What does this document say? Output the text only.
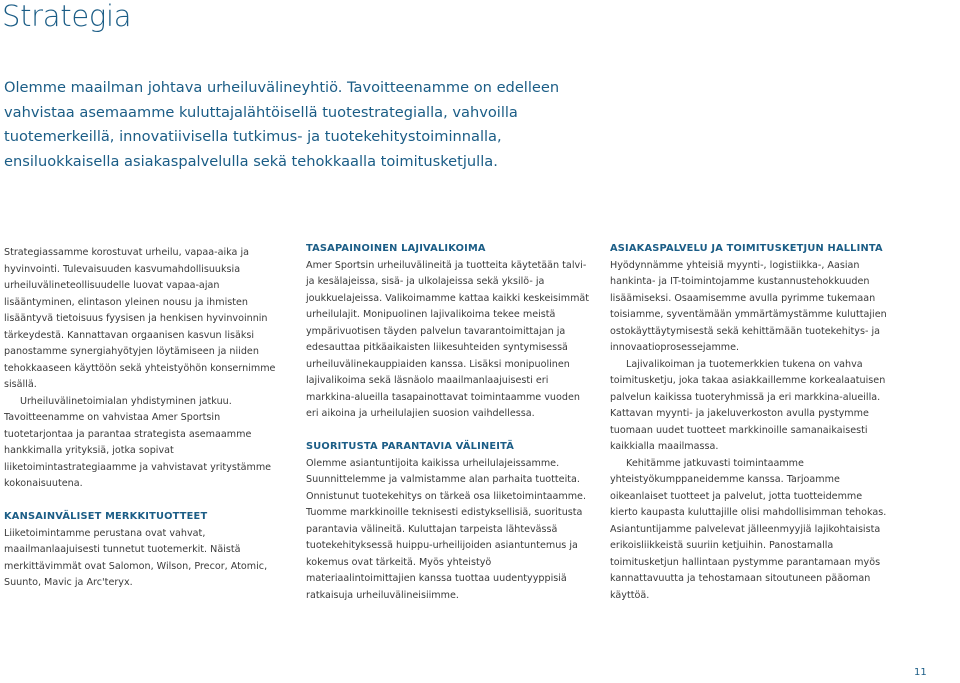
Strategia

Olemme maailman johtava urheiluvälineyhtiö. Tavoitteenamme on edelleen vahvistaa asemaamme kuluttajalähtöisellä tuotestrategialla, vahvoilla tuotemerkeillä, innovatiivisella tutkimus- ja tuotekehitystoiminnalla, ensiluokkaisella asiakaspalvelulla sekä tehokkaalla toimitusketjulla.

Strategiassamme korostuvat urheilu, vapaa-aika ja hyvinvointi. Tulevaisuuden kasvumahdollisuuksia urheiluvälineteollisuudelle luovat vapaa-ajan lisääntyminen, elintason yleinen nousu ja ihmisten lisääntyvä tietoisuus fyysisen ja henkisen hyvinvoinnin tärkeydestä. Kannattavan orgaanisen kasvun lisäksi panostamme synergiahyötyjen löytämiseen ja niiden tehokkaaseen käyttöön sekä yhteistyöhön konsernimme sisällä.

Urheiluvälinetoimialan yhdistyminen jatkuu. Tavoitteenamme on vahvistaa Amer Sportsin tuotetarjontaa ja parantaa strategista asemaamme hankkimalla yrityksiä, jotka sopivat liiketoimintastrategiaamme ja vahvistavat yritystämme kokonaisuutena.

KANSAINVÄLISET MERKKITUOTTEET

Liiketoimintamme perustana ovat vahvat, maailmanlaajuisesti tunnetut tuotemerkit. Näistä merkittävimmät ovat Salomon, Wilson, Precor, Atomic, Suunto, Mavic ja Arc'teryx.

TASAPAINOINEN LAJIVALIKOIMA

Amer Sportsin urheiluvälineitä ja tuotteita käytetään talvi- ja kesälajeissa, sisä- ja ulkolajeissa sekä yksilö- ja joukkuelajeissa. Valikoimamme kattaa kaikki keskeisimmät urheilulajit. Monipuolinen lajivalikoima tekee meistä ympärivuotisen täyden palvelun tavarantoimittajan ja edesauttaa pitkäaikaisten liikesuhteiden syntymisessä urheiluvälinekauppiaiden kanssa. Lisäksi monipuolinen lajivalikoima sekä läsnäolo maailmanlaajuisesti eri markkina-alueilla tasapainottavat toimintaamme vuoden eri aikoina ja urheilulajien suosion vaihdellessa.

SUORITUSTA PARANTAVIA VÄLINEITÄ

Olemme asiantuntijoita kaikissa urheilulajeissamme. Suunnittelemme ja valmistamme alan parhaita tuotteita. Onnistunut tuotekehitys on tärkeä osa liiketoimintaamme. Tuomme markkinoille teknisesti edistyksellisiä, suoritusta parantavia välineitä. Kuluttajan tarpeista lähtevässä tuotekehityksessä huippu-urheilijoiden asiantuntemus ja kokemus ovat tärkeitä. Myös yhteistyö materiaalintoimittajien kanssa tuottaa uudentyyppisiä ratkaisuja urheiluvälineisiimme.

ASIAKASPALVELU JA TOIMITUSKETJUN HALLINTA

Hyödynnämme yhteisiä myynti-, logistiikka-, Aasian hankinta- ja IT-toimintojamme kustannustehokkuuden lisäämiseksi. Osaamisemme avulla pyrimme tukemaan toisiamme, syventämään ymmärtämystämme kuluttajien ostokäyttäytymisestä sekä kehittämään tuotekehitys- ja innovaatioprosessejamme.

Lajivalikoiman ja tuotemerkkien tukena on vahva toimitusketju, joka takaa asiakkaillemme korkealaatuisen palvelun kaikissa tuoteryhmissä ja eri markkina-alueilla. Kattavan myynti- ja jakeluverkoston avulla pystymme tuomaan uudet tuotteet markkinoille samanaikaisesti kaikkialla maailmassa.

Kehitämme jatkuvasti toimintaamme yhteistyökumppaneidemme kanssa. Tarjoamme oikeanlaiset tuotteet ja palvelut, jotta tuotteidemme kierto kaupasta kuluttajille olisi mahdollisimman tehokas. Asiantuntijamme palvelevat jälleenmyyjiä lajikohtaisista erikoisliikkeistä suuriin ketjuihin. Panostamalla toimitusketjun hallintaan pystymme parantamaan myös kannattavuutta ja tehostamaan sitoutuneen pääoman käyttöä.

11
